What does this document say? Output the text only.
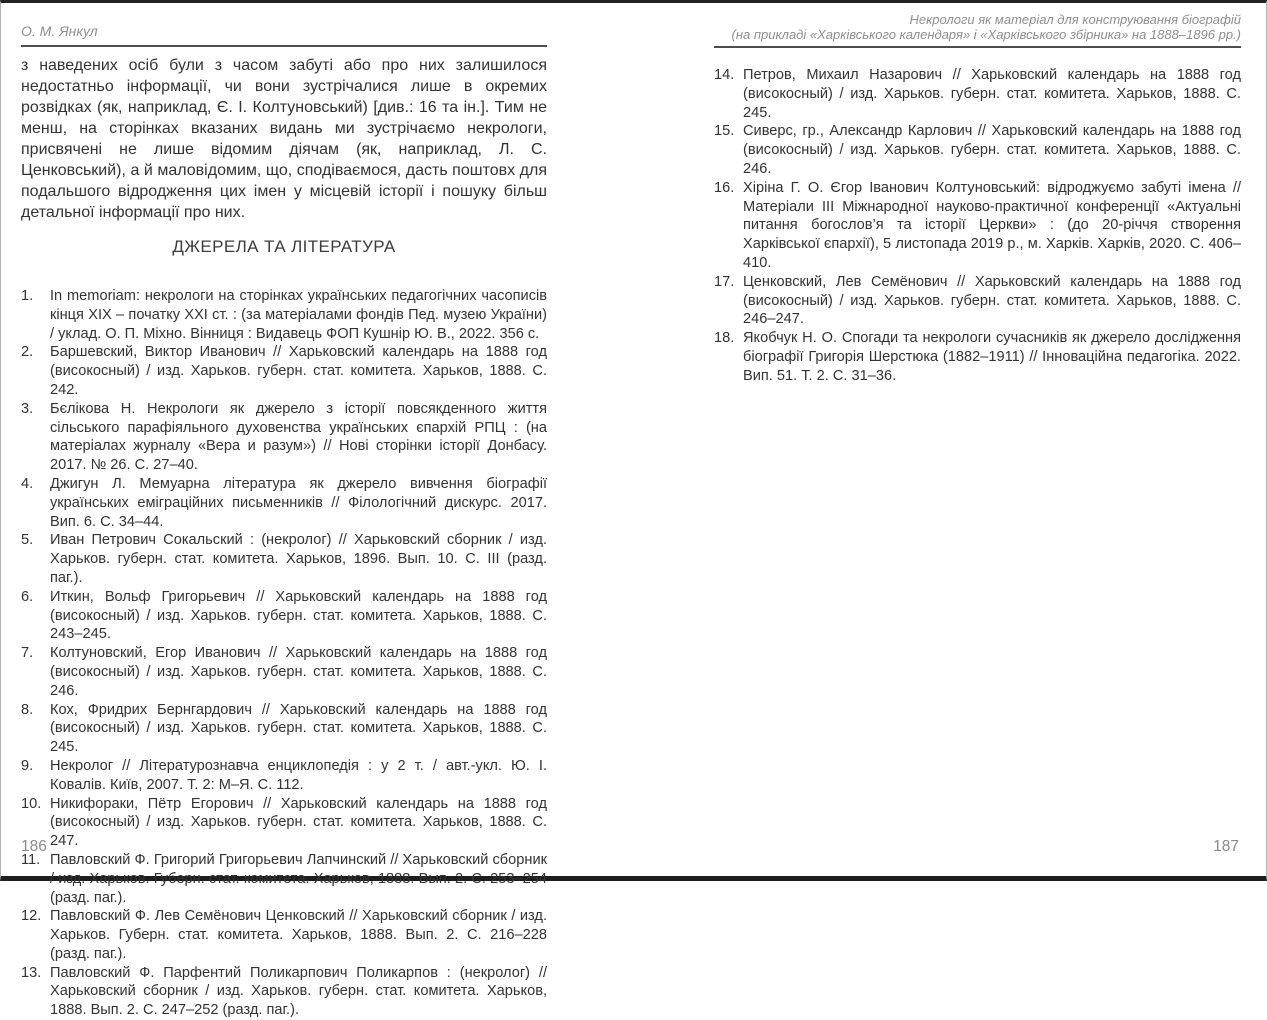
О. М. Янкул

з наведених осіб були з часом забуті або про них залишилося недостатньо інформації, чи вони зустрічалися лише в окремих розвідках (як, наприклад, Є. І. Колтуновський) [див.: 16 та ін.]. Тим не менш, на сторінках вказаних видань ми зустрічаємо некрологи, присвячені не лише відомим діячам (як, наприклад, Л. С. Ценковський), а й маловідомим, що, сподіваємося, дасть поштовх для подальшого відродження цих імен у місцевій історії і пошуку більш детальної інформації про них.

ДЖЕРЕЛА ТА ЛІТЕРАТУРА
1.	In memoriam: некрологи на сторінках українських педагогічних часописів кінця ХІХ – початку ХХІ ст. : (за матеріалами фондів Пед. музею України) / уклад. О. П. Міхно. Вінниця : Видавець ФОП Кушнір Ю. В., 2022. 356 с.
2.	Баршевский, Виктор Иванович // Харьковский календарь на 1888 год (високосный) / изд. Харьков. губерн. стат. комитета. Харьков, 1888. С. 242.
3.	Бєлікова Н. Некрологи як джерело з історії повсякденного життя сільського парафіяльного духовенства українських єпархій РПЦ : (на матеріалах журналу «Вера и разум») // Нові сторінки історії Донбасу. 2017. № 26. С. 27–40.
4.	Джигун Л. Мемуарна література як джерело вивчення біографії українських еміграційних письменників // Філологічний дискурс. 2017. Вип. 6. С. 34–44.
5.	Иван Петрович Сокальский : (некролог) // Харьковский сборник / изд. Харьков. губерн. стат. комитета. Харьков, 1896. Вып. 10. С. III (разд. паг.).
6.	Иткин, Вольф Григорьевич // Харьковский календарь на 1888 год (високосный) / изд. Харьков. губерн. стат. комитета. Харьков, 1888. С. 243–245.
7.	Колтуновский, Егор Иванович // Харьковский календарь на 1888 год (високосный) / изд. Харьков. губерн. стат. комитета. Харьков, 1888. С. 246.
8.	Кох, Фридрих Бернгардович // Харьковский календарь на 1888 год (високосный) / изд. Харьков. губерн. стат. комитета. Харьков, 1888. С. 245.
9.	Некролог // Літературознавча енциклопедія : у 2 т. / авт.-укл. Ю. І. Ковалів. Київ, 2007. Т. 2: М–Я. С. 112.
10. Никифораки, Пётр Егорович // Харьковский календарь на 1888 год (високосный) / изд. Харьков. губерн. стат. комитета. Харьков, 1888. С. 247.
11. Павловский Ф. Григорий Григорьевич Лапчинский // Харьковский сборник / изд. Харьков. Губерн. стат. комитета. Харьков, 1888. Вып. 2. С. 253–254 (разд. паг.).
12. Павловский Ф. Лев Семёнович Ценковский // Харьковский сборник / изд. Харьков. Губерн. стат. комитета. Харьков, 1888. Вып. 2. С. 216–228 (разд. паг.).
13. Павловский Ф. Парфентий Поликарпович Поликарпов : (некролог) // Харьковский сборник / изд. Харьков. губерн. стат. комитета. Харьков, 1888. Вып. 2. С. 247–252 (разд. паг.).
Некрологи як матеріал для конструювання біографій
(на прикладі «Харківського календаря» і «Харківського збірника» на 1888–1896 рр.)
14. Петров, Михаил Назарович // Харьковский календарь на 1888 год (високосный) / изд. Харьков. губерн. стат. комитета. Харьков, 1888. С. 245.
15. Сиверс, гр., Александр Карлович // Харьковский календарь на 1888 год (високосный) / изд. Харьков. губерн. стат. комитета. Харьков, 1888. С. 246.
16. Хіріна Г. О. Єгор Іванович Колтуновський: відроджуємо забуті імена // Матеріали ІІІ Міжнародної науково-практичної конференції «Актуальні питання богослов’я та історії Церкви» : (до 20-річчя створення Харківської єпархії), 5 листопада 2019 р., м. Харків. Харків, 2020. С. 406–410.
17. Ценковский, Лев Семёнович // Харьковский календарь на 1888 год (високосный) / изд. Харьков. губерн. стат. комитета. Харьков, 1888. С. 246–247.
18. Якобчук Н. О. Спогади та некрологи сучасників як джерело дослідження біографії Григорія Шерстюка (1882–1911) // Інноваційна педагогіка. 2022. Вип. 51. Т. 2. С. 31–36.
186	187
